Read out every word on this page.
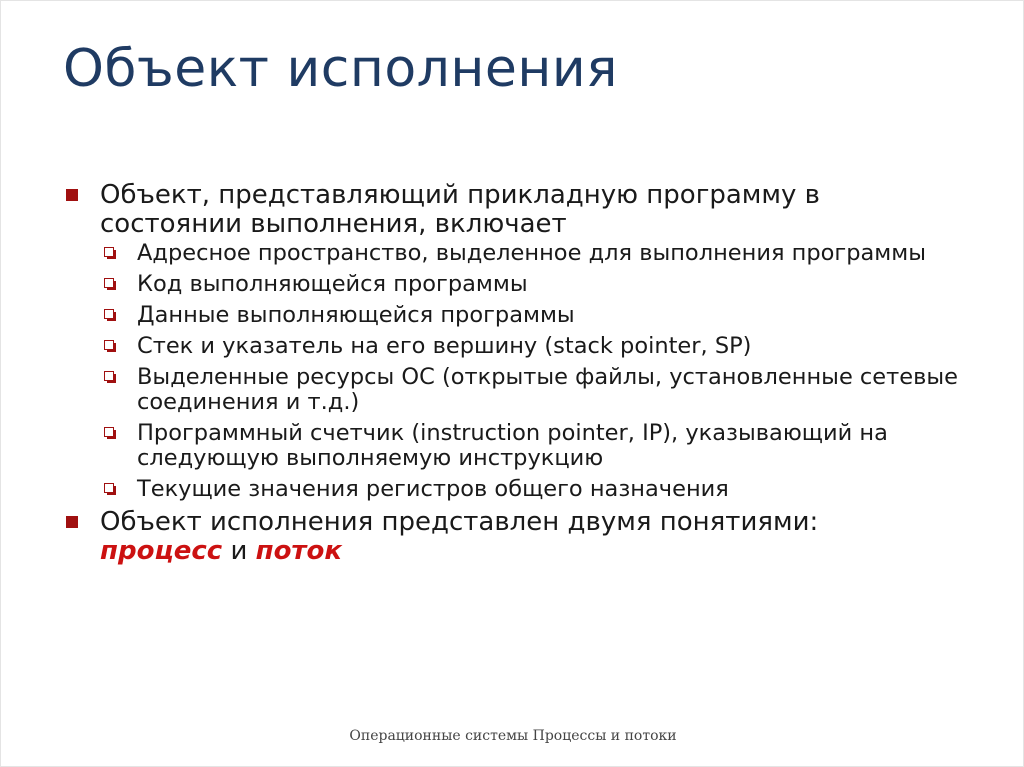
Объект исполнения
Объект, представляющий прикладную программу в состоянии выполнения, включает
Адресное пространство, выделенное для выполнения программы
Код выполняющейся программы
Данные выполняющейся программы
Стек и указатель на его вершину (stack pointer, SP)
Выделенные ресурсы ОС (открытые файлы, установленные сетевые соединения и т.д.)
Программный счетчик (instruction pointer, IP), указывающий на следующую выполняемую инструкцию
Текущие значения регистров общего назначения
Объект исполнения представлен двумя понятиями:
процесс и поток
Операционные системы Процессы и потоки
